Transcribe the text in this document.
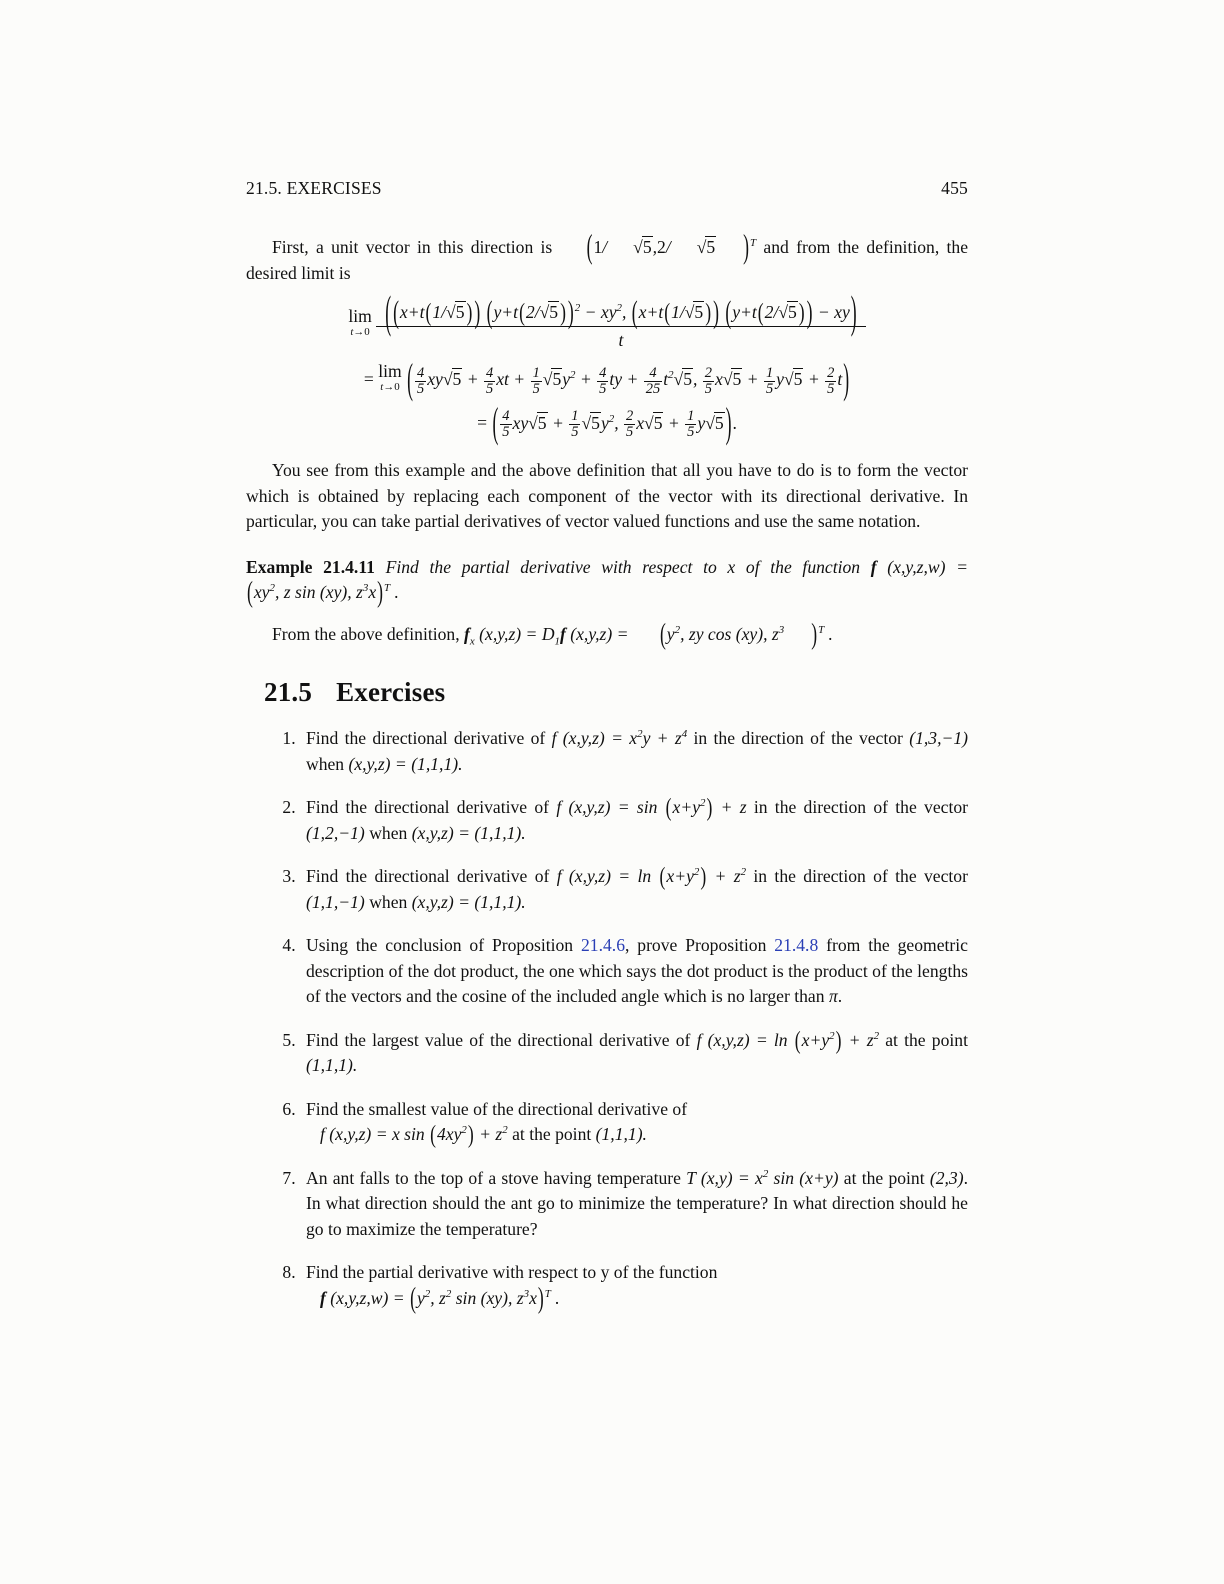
21.5. EXERCISES	455

First, a unit vector in this direction is (1/ √5,2/ √5 )$^T$ and from the definition, the desired limit is

lim
t→0
( (x+t(1/√5 ) ) (y+t(2/√5 ) )$^2 - xy^2$, (x+t(1/√5 ) ) (y+t(2/√5 ) ) − xy)
t
= lim
t→0 ( $\frac{4}{5} xy√5 + \frac{4}{5}$ xt + $\frac{1}{5} √5y^2 + \frac{4}{5}$ ty + $\frac{4}{25} t^2√5$, $\frac{2}{5} x√5 + \frac{1}{5} y√5 + \frac{2}{5} t$)
= ( $\frac{4}{5} xy√5 + \frac{1}{5} √5y^2$, $\frac{2}{5} x√5 + \frac{1}{5} y√5$ ).

You see from this example and the above definition that all you have to do is to form the vector which is obtained by replacing each component of the vector with its directional derivative. In particular, you can take partial derivatives of vector valued functions and use the same notation.

Example 21.4.11 Find the partial derivative with respect to x of the function f $(x,y,z,w) = (xy^2$, z sin (xy), $z^3x)^T$ .

From the above definition, $f_x$ $(x,y,z) = D_1f$ $(x,y,z) = (y^2$, zy cos (xy), $z^3$ )$^T$ .

21.5 Exercises
1. Find the directional derivative of f $(x,y,z) = x^2y + z^4$ in the direction of the vector (1,3,−1) when (x,y,z) = (1,1,1).
2. Find the directional derivative of f $(x,y,z) = \sin (x+y^2) + z$ in the direction of the vector (1,2,−1) when (x,y,z) = (1,1,1).
3. Find the directional derivative of f $(x,y,z) = \ln (x+y^2) + z^2$ in the direction of the vector (1,1,−1) when (x,y,z) = (1,1,1).
4. Using the conclusion of Proposition 21.4.6, prove Proposition 21.4.8 from the geometric description of the dot product, the one which says the dot product is the product of the lengths of the vectors and the cosine of the included angle which is no larger than π.
5. Find the largest value of the directional derivative of f $(x,y,z) = \ln (x+y^2) + z^2$ at the point (1,1,1).
6. Find the smallest value of the directional derivative of
f (x,y,z) = x $\sin (4xy^2) + z^2$ at the point (1,1,1).
7. An ant falls to the top of a stove having temperature T $(x,y) = x^2$ sin (x+y) at the point (2,3). In what direction should the ant go to minimize the temperature? In what direction should he go to maximize the temperature?
8. Find the partial derivative with respect to y of the function
f $(x,y,z,w) = (y^2$, $z^2$ sin (xy), $z^3x)^T$ .
